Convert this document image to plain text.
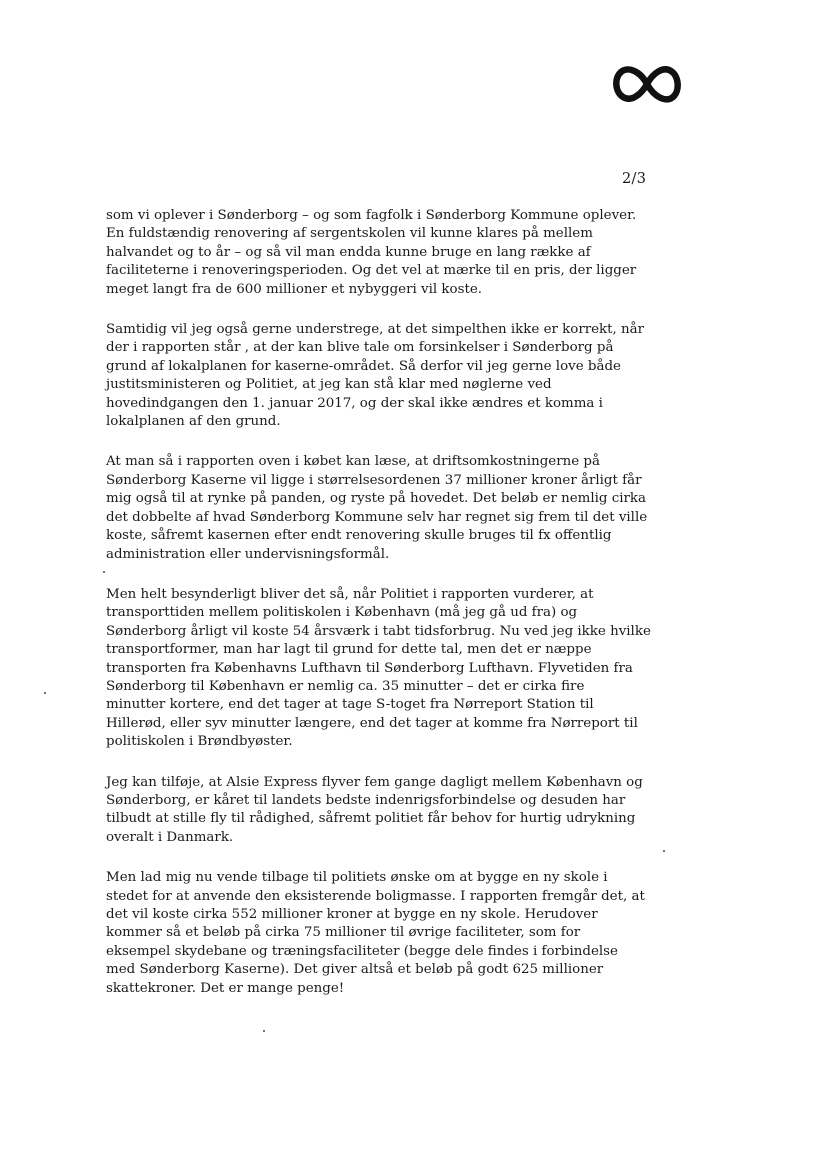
2/3

som vi oplever i Sønderborg – og som fagfolk i Sønderborg Kommune oplever.
En fuldstændig renovering af sergentskolen vil kunne klares på mellem
halvandet og to år – og så vil man endda kunne bruge en lang række af
faciliteterne i renoveringsperioden. Og det vel at mærke til en pris, der ligger
meget langt fra de 600 millioner et nybyggeri vil koste.

Samtidig vil jeg også gerne understrege, at det simpelthen ikke er korrekt, når
der i rapporten står , at der kan blive tale om forsinkelser i Sønderborg på
grund af lokalplanen for kaserne-området. Så derfor vil jeg gerne love både
justitsministeren og Politiet, at jeg kan stå klar med nøglerne ved
hovedindgangen den 1. januar 2017, og der skal ikke ændres et komma i
lokalplanen af den grund.

At man så i rapporten oven i købet kan læse, at driftsomkostningerne på
Sønderborg Kaserne vil ligge i størrelsesordenen 37 millioner kroner årligt får
mig også til at rynke på panden, og ryste på hovedet. Det beløb er nemlig cirka
det dobbelte af hvad Sønderborg Kommune selv har regnet sig frem til det ville
koste, såfremt kasernen efter endt renovering skulle bruges til fx offentlig
administration eller undervisningsformål.

Men helt besynderligt bliver det så, når Politiet i rapporten vurderer, at
transporttiden mellem politiskolen i København (må jeg gå ud fra) og
Sønderborg årligt vil koste 54 årsværk i tabt tidsforbrug. Nu ved jeg ikke hvilke
transportformer, man har lagt til grund for dette tal, men det er næppe
transporten fra Københavns Lufthavn til Sønderborg Lufthavn. Flyvetiden fra
Sønderborg til København er nemlig ca. 35 minutter – det er cirka fire
minutter kortere, end det tager at tage S-toget fra Nørreport Station til
Hillerød, eller syv minutter længere, end det tager at komme fra Nørreport til
politiskolen i Brøndbyøster.

Jeg kan tilføje, at Alsie Express flyver fem gange dagligt mellem København og
Sønderborg, er kåret til landets bedste indenrigsforbindelse og desuden har
tilbudt at stille fly til rådighed, såfremt politiet får behov for hurtig udrykning
overalt i Danmark.

Men lad mig nu vende tilbage til politiets ønske om at bygge en ny skole i
stedet for at anvende den eksisterende boligmasse. I rapporten fremgår det, at
det vil koste cirka 552 millioner kroner at bygge en ny skole. Herudover
kommer så et beløb på cirka 75 millioner til øvrige faciliteter, som for
eksempel skydebane og træningsfaciliteter (begge dele findes i forbindelse
med Sønderborg Kaserne). Det giver altså et beløb på godt 625 millioner
skattekroner. Det er mange penge!
